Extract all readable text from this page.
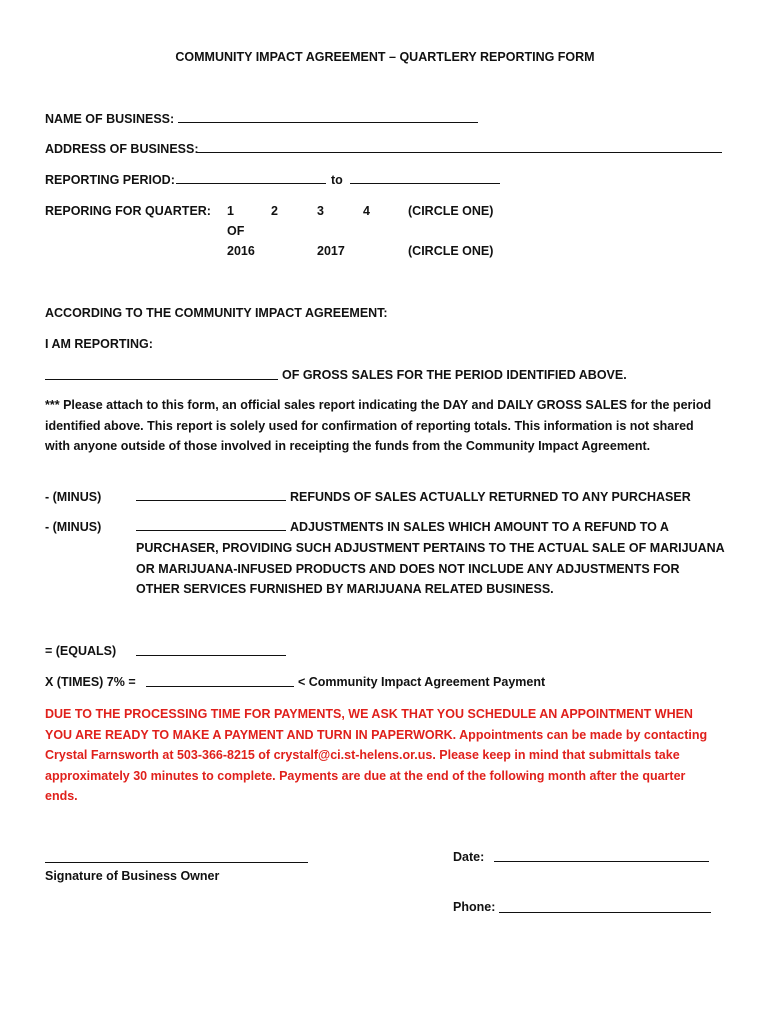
COMMUNITY IMPACT AGREEMENT – QUARTLERY REPORTING FORM
NAME OF BUSINESS:
ADDRESS OF BUSINESS:
REPORTING PERIOD:	to
REPORING FOR QUARTER: 1	2	3	4	(CIRCLE ONE)
OF
2016	2017	(CIRCLE ONE)
ACCORDING TO THE COMMUNITY IMPACT AGREEMENT:
I AM REPORTING:
OF GROSS SALES FOR THE PERIOD IDENTIFIED ABOVE.
*** Please attach to this form, an official sales report indicating the DAY and DAILY GROSS SALES for the period identified above. This report is solely used for confirmation of reporting totals. This information is not shared with anyone outside of those involved in receipting the funds from the Community Impact Agreement.
- (MINUS)	REFUNDS OF SALES ACTUALLY RETURNED TO ANY PURCHASER
- (MINUS)	ADJUSTMENTS IN SALES WHICH AMOUNT TO A REFUND TO A
PURCHASER, PROVIDING SUCH ADJUSTMENT PERTAINS TO THE ACTUAL SALE OF MARIJUANA
OR MARIJUANA-INFUSED PRODUCTS AND DOES NOT INCLUDE ANY ADJUSTMENTS FOR
OTHER SERVICES FURNISHED BY MARIJUANA RELATED BUSINESS.
= (EQUALS)
X (TIMES) 7% =	< Community Impact Agreement Payment
DUE TO THE PROCESSING TIME FOR PAYMENTS, WE ASK THAT YOU SCHEDULE AN APPOINTMENT WHEN YOU ARE READY TO MAKE A PAYMENT AND TURN IN PAPERWORK. Appointments can be made by contacting Crystal Farnsworth at 503-366-8215 of crystalf@ci.st-helens.or.us. Please keep in mind that submittals take approximately 30 minutes to complete. Payments are due at the end of the following month after the quarter ends.
Signature of Business Owner
Date:
Phone:
